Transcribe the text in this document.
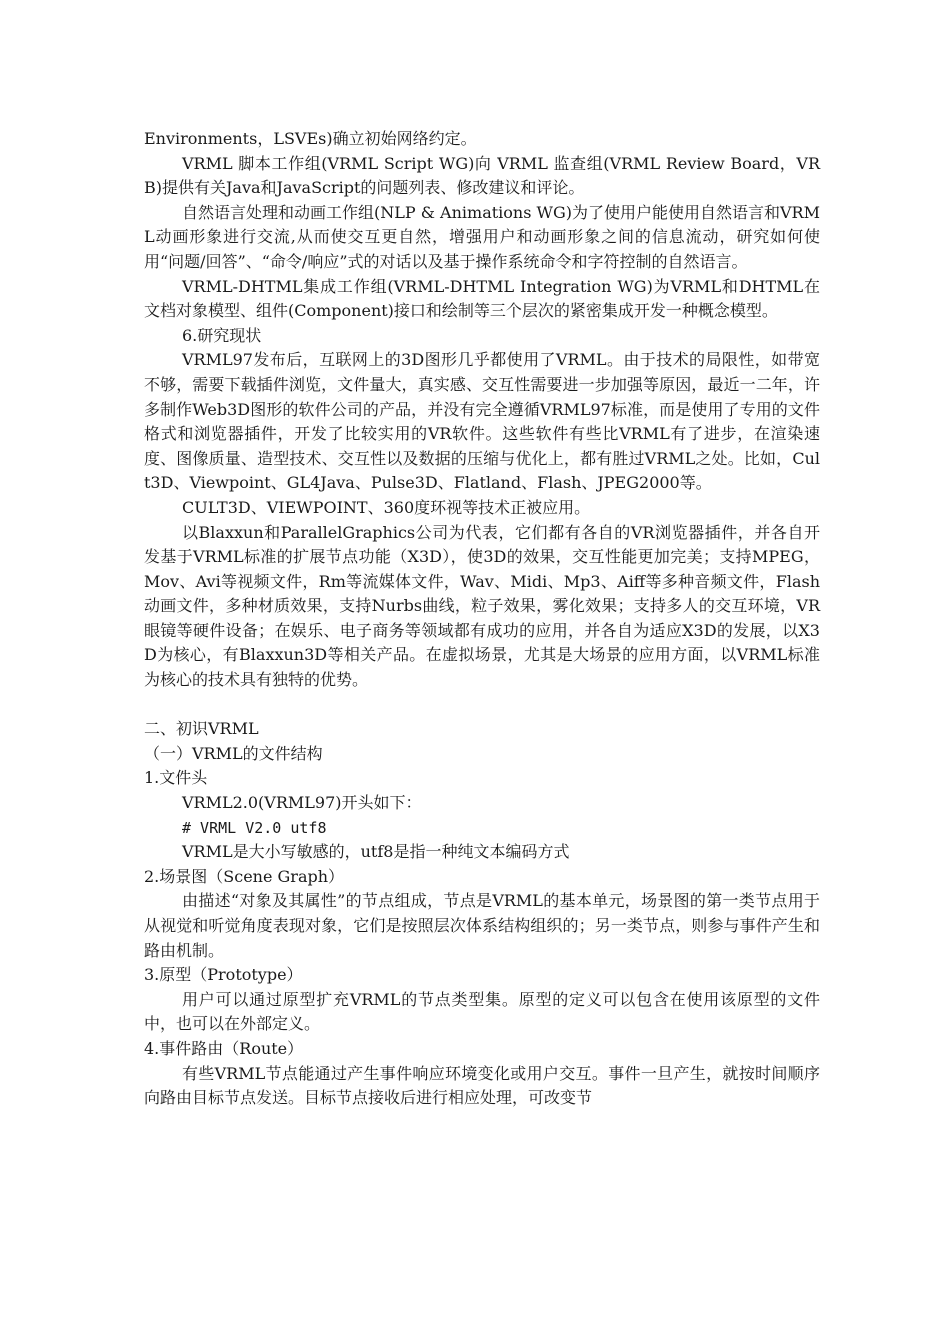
Environments，LSVEs)确立初始网络约定。

VRML 脚本工作组(VRML Script WG)向 VRML 监查组(VRML Review Board，VRB)提供有关Java和JavaScript的问题列表、修改建议和评论。

自然语言处理和动画工作组(NLP & Animations WG)为了使用户能使用自然语言和VRML动画形象进行交流,从而使交互更自然，增强用户和动画形象之间的信息流动，研究如何使用“问题/回答”、“命令/响应”式的对话以及基于操作系统命令和字符控制的自然语言。

VRML-DHTML集成工作组(VRML-DHTML Integration WG)为VRML和DHTML在文档对象模型、组件(Component)接口和绘制等三个层次的紧密集成开发一种概念模型。

6.研究现状

VRML97发布后，互联网上的3D图形几乎都使用了VRML。由于技术的局限性，如带宽不够，需要下载插件浏览，文件量大，真实感、交互性需要进一步加强等原因，最近一二年，许多制作Web3D图形的软件公司的产品，并没有完全遵循VRML97标准，而是使用了专用的文件格式和浏览器插件，开发了比较实用的VR软件。这些软件有些比VRML有了进步，在渲染速度、图像质量、造型技术、交互性以及数据的压缩与优化上，都有胜过VRML之处。比如，Cult3D、Viewpoint、GL4Java、Pulse3D、Flatland、Flash、JPEG2000等。

CULT3D、VIEWPOINT、360度环视等技术正被应用。

以Blaxxun和ParallelGraphics公司为代表，它们都有各自的VR浏览器插件，并各自开发基于VRML标准的扩展节点功能（X3D），使3D的效果，交互性能更加完美；支持MPEG，Mov、Avi等视频文件，Rm等流媒体文件，Wav、Midi、Mp3、Aiff等多种音频文件，Flash动画文件，多种材质效果，支持Nurbs曲线，粒子效果，雾化效果；支持多人的交互环境，VR眼镜等硬件设备；在娱乐、电子商务等领域都有成功的应用，并各自为适应X3D的发展，以X3D为核心，有Blaxxun3D等相关产品。在虚拟场景，尤其是大场景的应用方面，以VRML标准为核心的技术具有独特的优势。

二、初识VRML

（一）VRML的文件结构

1.文件头

VRML2.0(VRML97)开头如下：

# VRML V2.0 utf8

VRML是大小写敏感的，utf8是指一种纯文本编码方式

2.场景图（Scene Graph）

由描述“对象及其属性”的节点组成，节点是VRML的基本单元，场景图的第一类节点用于从视觉和听觉角度表现对象，它们是按照层次体系结构组织的；另一类节点，则参与事件产生和路由机制。

3.原型（Prototype）

用户可以通过原型扩充VRML的节点类型集。原型的定义可以包含在使用该原型的文件中，也可以在外部定义。

4.事件路由（Route）

有些VRML节点能通过产生事件响应环境变化或用户交互。事件一旦产生，就按时间顺序向路由目标节点发送。目标节点接收后进行相应处理，可改变节
